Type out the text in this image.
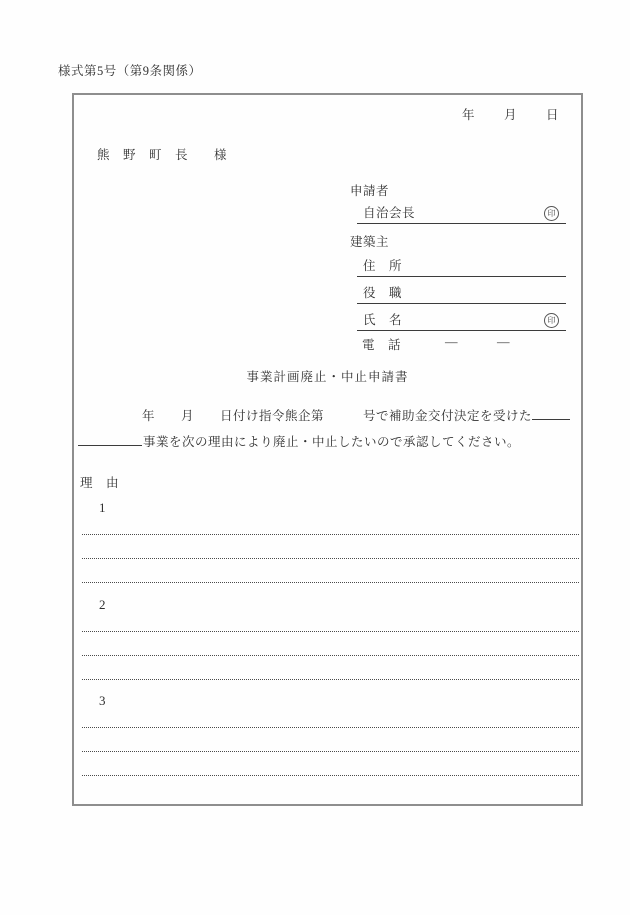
様式第5号（第9条関係）
年 月 日
熊　野　町　長　　様
申請者
自治会長	印
建築主
住　所
役　職
氏　名	印
電　話	―	―
事業計画廃止・中止申請書
年　　月　　日付け指令熊企第　　　号で補助金交付決定を受けた
事業を次の理由により廃止・中止したいので承認してください。
理　由
1
2
3
